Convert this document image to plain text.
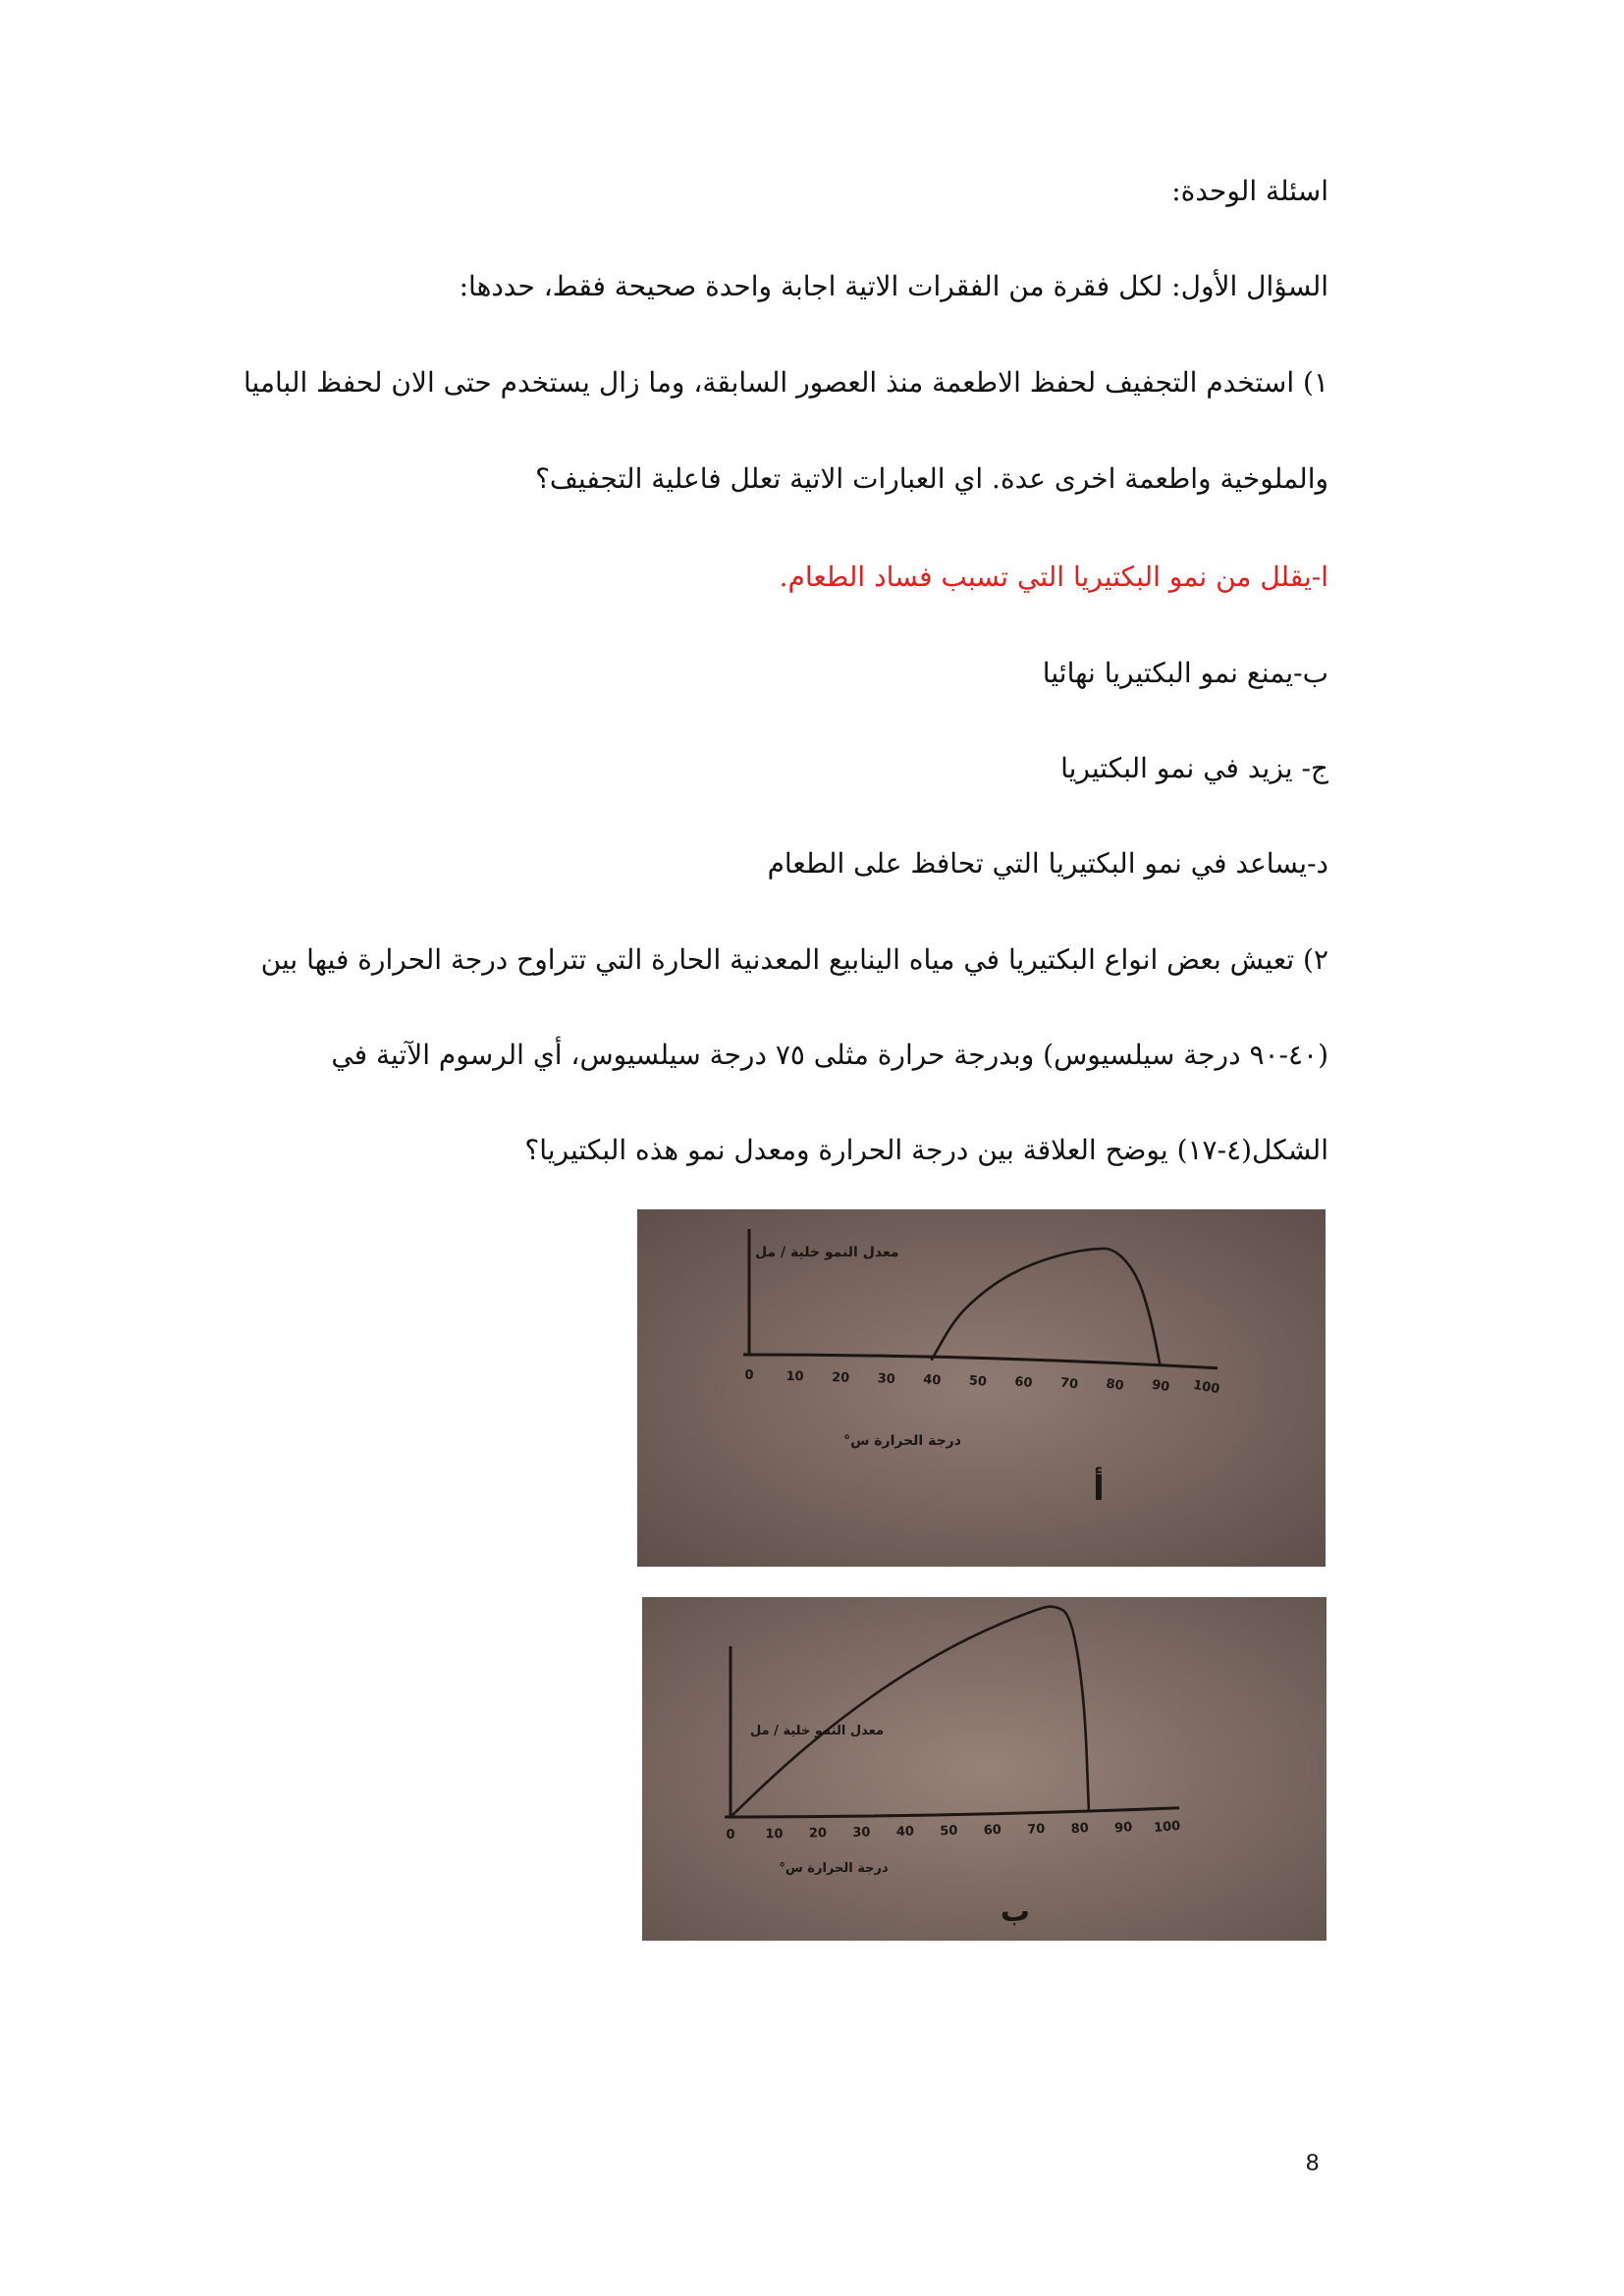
اسئلة الوحدة:
السؤال الأول: لكل فقرة من الفقرات الاتية اجابة واحدة صحيحة فقط، حددها:
١) استخدم التجفيف لحفظ الاطعمة منذ العصور السابقة، وما زال يستخدم حتى الان لحفظ الباميا
والملوخية واطعمة اخرى عدة. اي العبارات الاتية تعلل فاعلية التجفيف؟
ا-يقلل من نمو البكتيريا التي تسبب فساد الطعام.
ب-يمنع نمو البكتيريا نهائيا
ج- يزيد في نمو البكتيريا
د-يساعد في نمو البكتيريا التي تحافظ على الطعام
٢) تعيش بعض انواع البكتيريا في مياه الينابيع المعدنية الحارة التي تتراوح درجة الحرارة فيها بين
(٤٠-٩٠ درجة سيلسيوس) وبدرجة حرارة مثلى ٧٥ درجة سيلسيوس، أي الرسوم الآتية في
الشكل(٤-١٧) يوضح العلاقة بين درجة الحرارة ومعدل نمو هذه البكتيريا؟
0	10 20 30 40 50 60 70 80 90 100
معدل النمو خلية / مل
درجة الحرارة س°
أ
0 10 20 30 40 50 60 70 80 90 100
معدل النمو خلية / مل
درجة الحرارة س°
ب
8
